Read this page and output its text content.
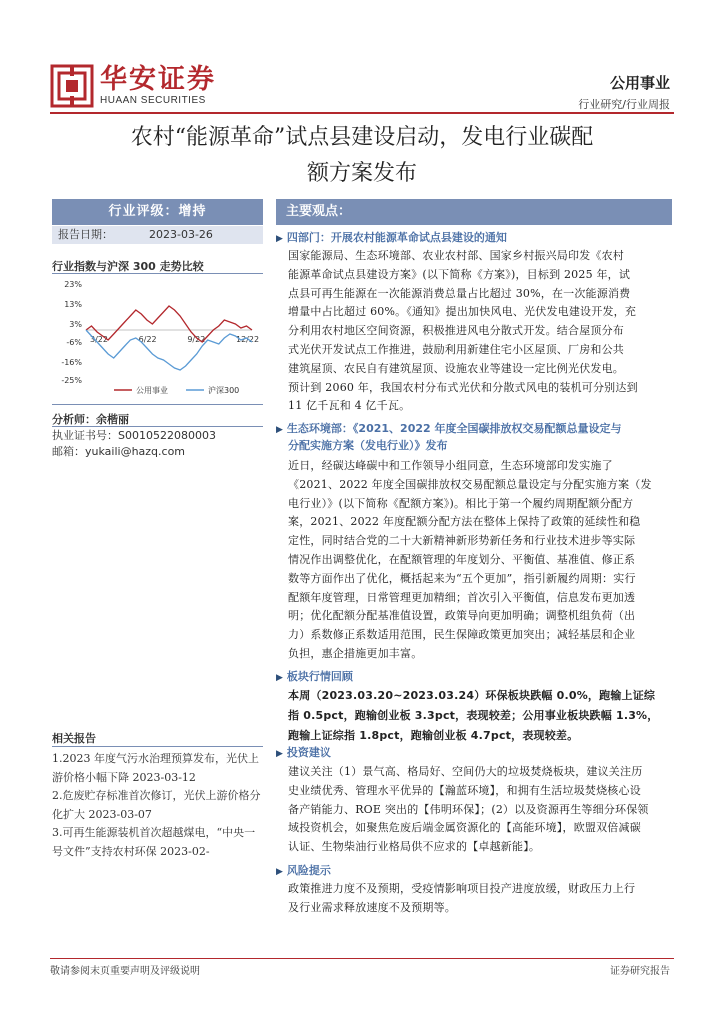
华安证券
HUAAN SECURITIES
公用事业
行业研究/行业周报
农村“能源革命”试点县建设启动，发电行业碳配
额方案发布
行业评级：增持
报告日期：	2023-03-26
行业指数与沪深 300 走势比较
23%
13%
3%
-6%
-16%
-25%
3/22	6/22	9/22	12/22
公用事业	沪深300
分析师：余楷丽
执业证书号：S0010522080003
邮箱：yukaili@hazq.com
相关报告
1.2023 年度气污水治理预算发布，光伏上游价格小幅下降 2023-03-12
2.危废贮存标准首次修订，光伏上游价格分化扩大 2023-03-07
3.可再生能源装机首次超越煤电，“中央一号文件”支持农村环保 2023-02-
主要观点：
▶ 四部门：开展农村能源革命试点县建设的通知
国家能源局、生态环境部、农业农村部、国家乡村振兴局印发《农村
能源革命试点县建设方案》(以下简称《方案》)，目标到 2025 年，试
点县可再生能源在一次能源消费总量占比超过 30%，在一次能源消费
增量中占比超过 60%。《通知》提出加快风电、光伏发电建设开发，充
分利用农村地区空间资源，积极推进风电分散式开发。结合屋顶分布
式光伏开发试点工作推进，鼓励利用新建住宅小区屋顶、厂房和公共
建筑屋顶、农民自有建筑屋顶、设施农业等建设一定比例光伏发电。
预计到 2060 年，我国农村分布式光伏和分散式风电的装机可分别达到
11 亿千瓦和 4 亿千瓦。
▶ 生态环境部：《2021、2022 年度全国碳排放权交易配额总量设定与
分配实施方案（发电行业）》发布
近日，经碳达峰碳中和工作领导小组同意，生态环境部印发实施了
《2021、2022 年度全国碳排放权交易配额总量设定与分配实施方案（发
电行业）》(以下简称《配额方案》)。相比于第一个履约周期配额分配方
案，2021、2022 年度配额分配方法在整体上保持了政策的延续性和稳
定性，同时结合党的二十大新精神新形势新任务和行业技术进步等实际
情况作出调整优化，在配额管理的年度划分、平衡值、基准值、修正系
数等方面作出了优化，概括起来为“五个更加”，指引新履约周期：实行
配额年度管理，日常管理更加精细；首次引入平衡值，信息发布更加透
明；优化配额分配基准值设置，政策导向更加明确；调整机组负荷（出
力）系数修正系数适用范围，民生保障政策更加突出；减轻基层和企业
负担，惠企措施更加丰富。
▶ 板块行情回顾
本周（2023.03.20~2023.03.24）环保板块跌幅 0.0%，跑输上证综
指 0.5pct，跑输创业板 3.3pct，表现较差；公用事业板块跌幅 1.3%，
跑输上证综指 1.8pct，跑输创业板 4.7pct，表现较差。
▶ 投资建议
建议关注（1）景气高、格局好、空间仍大的垃圾焚烧板块，建议关注历
史业绩优秀、管理水平优异的【瀚蓝环境】，和拥有生活垃圾焚烧核心设
备产销能力、ROE 突出的【伟明环保】；(2）以及资源再生等细分环保领
域投资机会，如聚焦危废后端金属资源化的【高能环境】，欧盟双倍减碳
认证、生物柴油行业格局供不应求的【卓越新能】。
▶ 风险提示
政策推进力度不及预期，受疫情影响项目投产进度放缓，财政压力上行
及行业需求释放速度不及预期等。
敬请参阅末页重要声明及评级说明	证券研究报告
